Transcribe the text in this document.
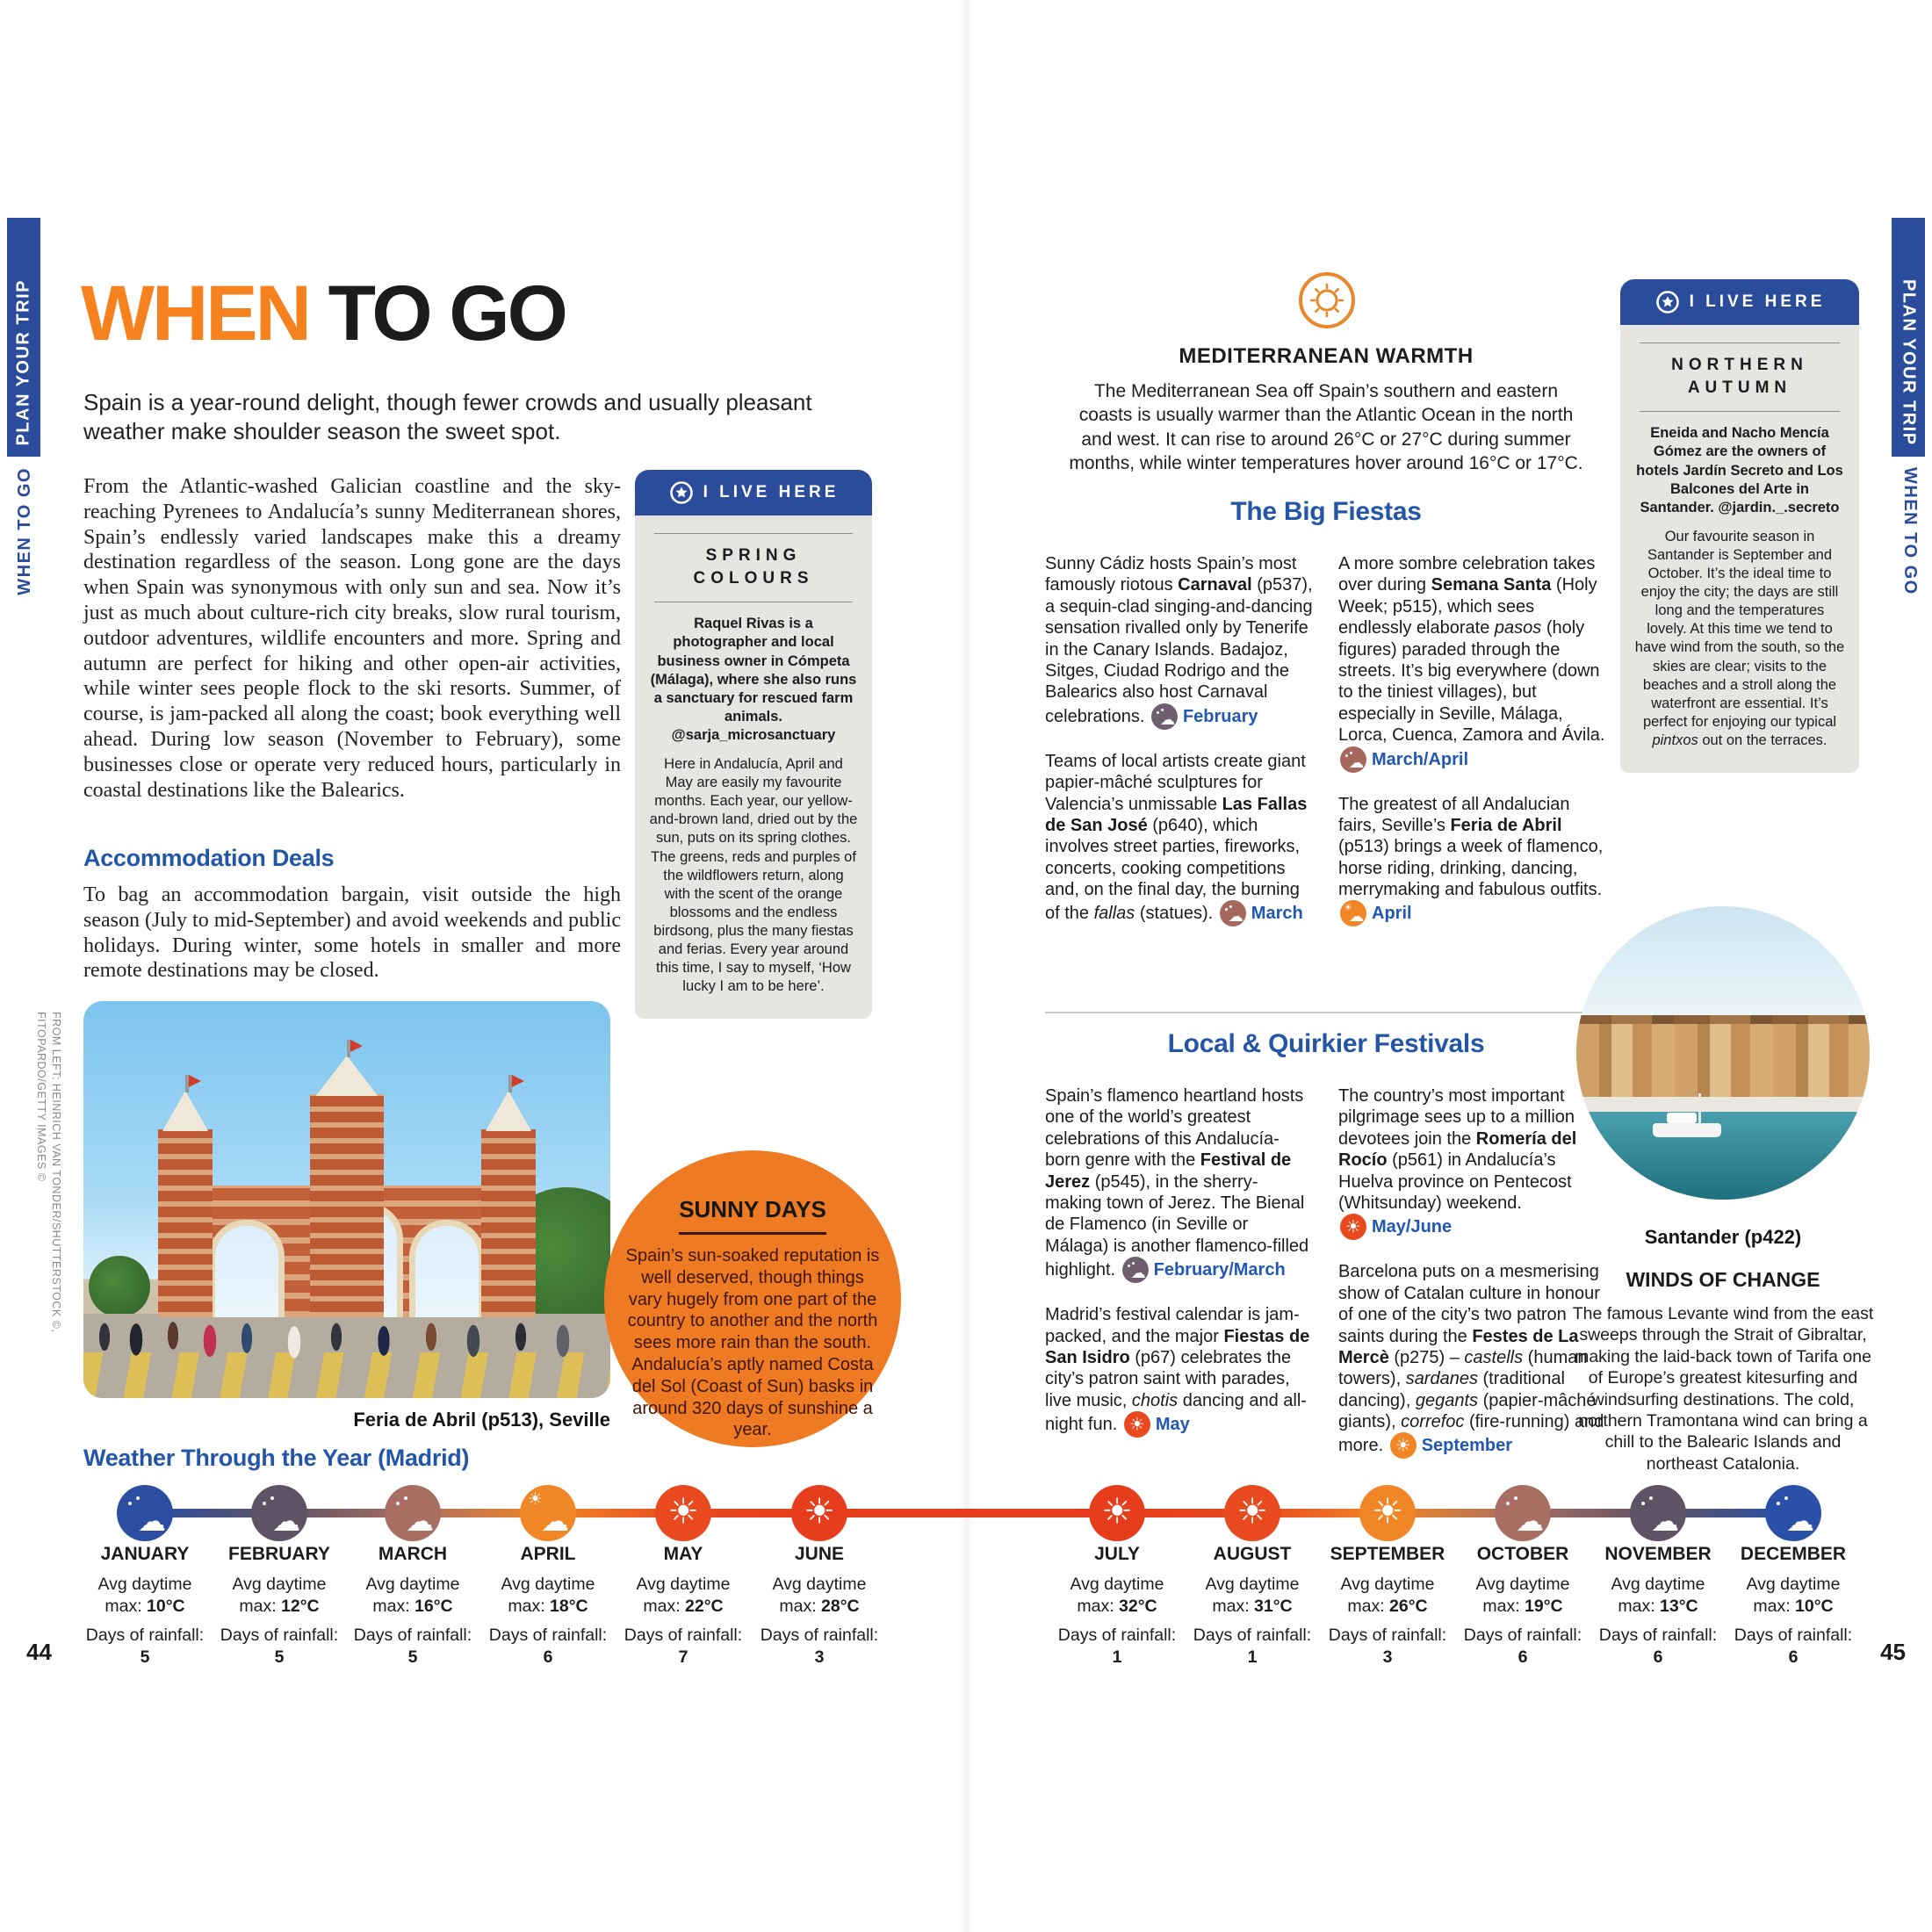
PLAN YOUR TRIP
WHEN TO GO
PLAN YOUR TRIP
WHEN TO GO
WHEN TO GO
Spain is a year-round delight, though fewer crowds and usually pleasant weather make shoulder season the sweet spot.
From the Atlantic-washed Galician coastline and the sky-reaching Pyrenees to Andalucía’s sunny Mediterranean shores, Spain’s endlessly varied landscapes make this a dreamy destination regardless of the season. Long gone are the days when Spain was synonymous with only sun and sea. Now it’s just as much about culture-rich city breaks, slow rural tourism, outdoor adventures, wildlife encounters and more. Spring and autumn are perfect for hiking and other open-air activities, while winter sees people flock to the ski resorts. Summer, of course, is jam-packed all along the coast; book everything well ahead. During low season (November to February), some businesses close or operate very reduced hours, particularly in coastal destinations like the Balearics.
Accommodation Deals
To bag an accommodation bargain, visit outside the high season (July to mid-September) and avoid weekends and public holidays. During winter, some hotels in smaller and more remote destinations may be closed.
Feria de Abril (p513), Seville
FROM LEFT: HEINRICH VAN TONDER/SHUTTERSTOCK ©, FITOPARDO/GETTY IMAGES ©
Weather Through the Year (Madrid)
I LIVE HERE
SPRING COLOURS
Raquel Rivas is a photographer and local business owner in Cómpeta (Málaga), where she also runs a sanctuary for rescued farm animals. @sarja_microsanctuary
Here in Andalucía, April and May are easily my favourite months. Each year, our yellow-and-brown land, dried out by the sun, puts on its spring clothes. The greens, reds and purples of the wildflowers return, along with the scent of the orange blossoms and the endless birdsong, plus the many fiestas and ferias. Every year around this time, I say to myself, ‘How lucky I am to be here’.
SUNNY DAYS
Spain’s sun-soaked reputation is well deserved, though things vary hugely from one part of the country to another and the north sees more rain than the south. Andalucía’s aptly named Costa del Sol (Coast of Sun) basks in around 320 days of sunshine a year.
MEDITERRANEAN WARMTH
The Mediterranean Sea off Spain’s southern and eastern coasts is usually warmer than the Atlantic Ocean in the north and west. It can rise to around 26°C or 27°C during summer months, while winter temperatures hover around 16°C or 17°C.
The Big Fiestas

Sunny Cádiz hosts Spain’s most famously riotous Carnaval (p537), a sequin-clad singing-and-dancing sensation rivalled only by Tenerife in the Canary Islands. Badajoz, Sitges, Ciudad Rodrigo and the Balearics also host Carnaval celebrations. ☁ February

Teams of local artists create giant papier-mâché sculptures for Valencia’s unmissable Las Fallas de San José (p640), which involves street parties, fireworks, concerts, cooking competitions and, on the final day, the burning of the fallas (statues). ☁ March

A more sombre celebration takes over during Semana Santa (Holy Week; p515), which sees endlessly elaborate pasos (holy figures) paraded through the streets. It’s big everywhere (down to the tiniest villages), but especially in Seville, Málaga, Lorca, Cuenca, Zamora and Ávila.
☁ March/April

The greatest of all Andalucian fairs, Seville’s Feria de Abril (p513) brings a week of flamenco, horse riding, drinking, dancing, merrymaking and fabulous outfits.
☀
☁ April

Local & Quirkier Festivals

Spain’s flamenco heartland hosts one of the world’s greatest celebrations of this Andalucía-born genre with the Festival de Jerez (p545), in the sherry-making town of Jerez. The Bienal de Flamenco (in Seville or Málaga) is another flamenco-filled highlight. ☁ February/March

Madrid’s festival calendar is jam-packed, and the major Fiestas de San Isidro (p67) celebrates the city’s patron saint with parades, live music, chotis dancing and all-night fun. ☀ May

The country’s most important pilgrimage sees up to a million devotees join the Romería del Rocío (p561) in Andalucía’s Huelva province on Pentecost (Whitsunday) weekend.
☀ May/June

Barcelona puts on a mesmerising show of Catalan culture in honour of one of the city’s two patron saints during the Festes de La Mercè (p275) – castells (human towers), sardanes (traditional dancing), gegants (papier-mâché giants), correfoc (fire-running) and more. ☀ September

I LIVE HERE
NORTHERN AUTUMN
Eneida and Nacho Mencía Gómez are the owners of hotels Jardín Secreto and Los Balcones del Arte in Santander. @jardin._.secreto
Our favourite season in Santander is September and October. It’s the ideal time to enjoy the city; the days are still long and the temperatures lovely. At this time we tend to have wind from the south, so the skies are clear; visits to the beaches and a stroll along the waterfront are essential. It’s perfect for enjoying our typical pintxos out on the terraces.
Santander (p422)
WINDS OF CHANGE
The famous Levante wind from the east sweeps through the Strait of Gibraltar, making the laid-back town of Tarifa one of Europe’s greatest kitesurfing and windsurfing destinations. The cold, northern Tramontana wind can bring a chill to the Balearic Islands and northeast Catalonia.
☁
JANUARY
Avg daytime
max: 10°C
Days of rainfall:
5
☁
FEBRUARY
Avg daytime
max: 12°C
Days of rainfall:
5
☁
MARCH
Avg daytime
max: 16°C
Days of rainfall:
5
☀
☁
APRIL
Avg daytime
max: 18°C
Days of rainfall:
6
☀
MAY
Avg daytime
max: 22°C
Days of rainfall:
7
☀
JUNE
Avg daytime
max: 28°C
Days of rainfall:
3
☀
JULY
Avg daytime
max: 32°C
Days of rainfall:
1
☀
AUGUST
Avg daytime
max: 31°C
Days of rainfall:
1
☀
SEPTEMBER
Avg daytime
max: 26°C
Days of rainfall:
3
☁
OCTOBER
Avg daytime
max: 19°C
Days of rainfall:
6
☁
NOVEMBER
Avg daytime
max: 13°C
Days of rainfall:
6
☁
DECEMBER
Avg daytime
max: 10°C
Days of rainfall:
6
44	45
